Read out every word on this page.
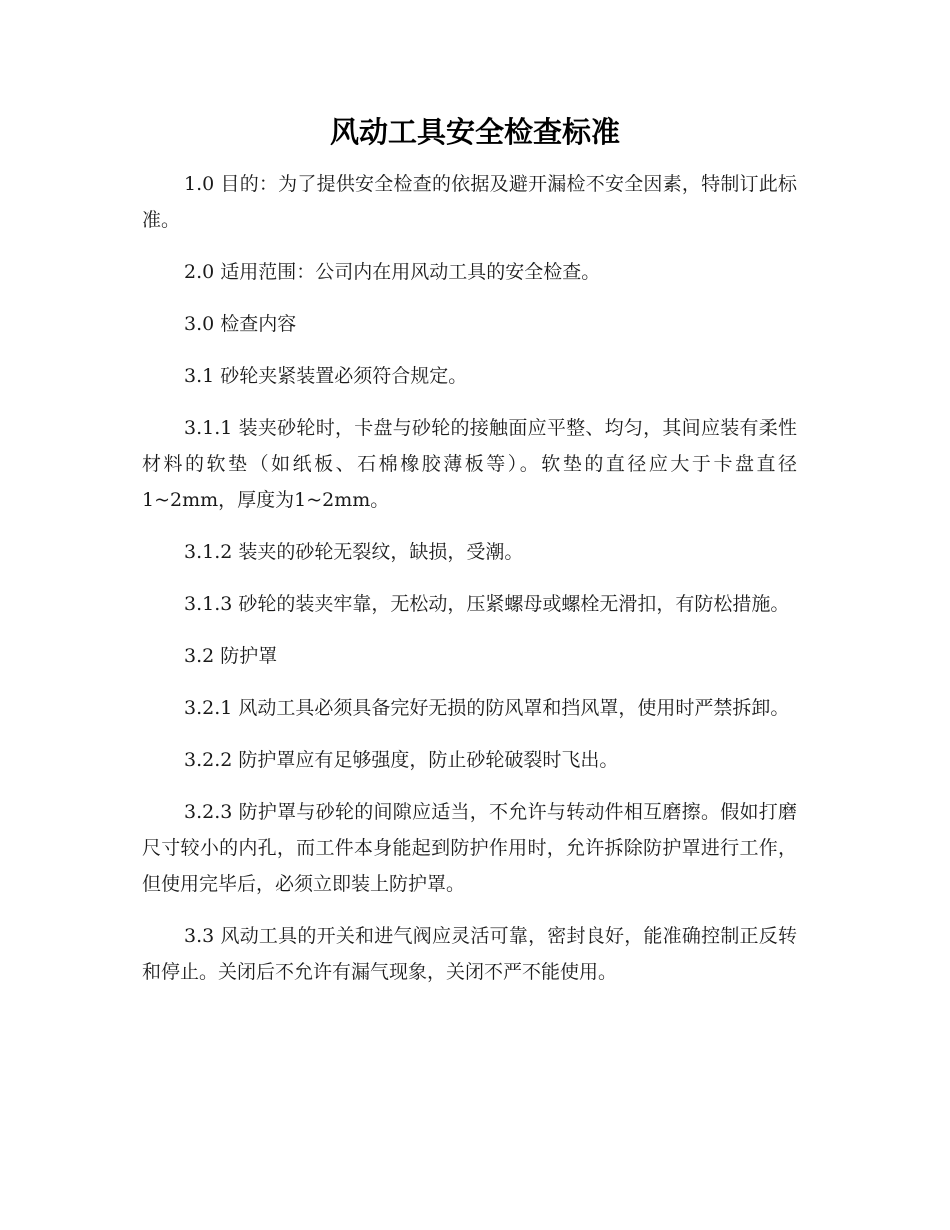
风动工具安全检查标准

1.0 目的：为了提供安全检查的依据及避开漏检不安全因素，特制订此标准。

2.0 适用范围：公司内在用风动工具的安全检查。

3.0 检查内容

3.1 砂轮夹紧装置必须符合规定。

3.1.1 装夹砂轮时，卡盘与砂轮的接触面应平整、均匀，其间应装有柔性材料的软垫（如纸板、石棉橡胶薄板等）。软垫的直径应大于卡盘直径1~2mm，厚度为1~2mm。

3.1.2 装夹的砂轮无裂纹，缺损，受潮。

3.1.3 砂轮的装夹牢靠，无松动，压紧螺母或螺栓无滑扣，有防松措施。

3.2 防护罩

3.2.1 风动工具必须具备完好无损的防风罩和挡风罩，使用时严禁拆卸。

3.2.2 防护罩应有足够强度，防止砂轮破裂时飞出。

3.2.3 防护罩与砂轮的间隙应适当，不允许与转动件相互磨擦。假如打磨尺寸较小的内孔，而工件本身能起到防护作用时，允许拆除防护罩进行工作，但使用完毕后，必须立即装上防护罩。

3.3 风动工具的开关和进气阀应灵活可靠，密封良好，能准确控制正反转和停止。关闭后不允许有漏气现象，关闭不严不能使用。
